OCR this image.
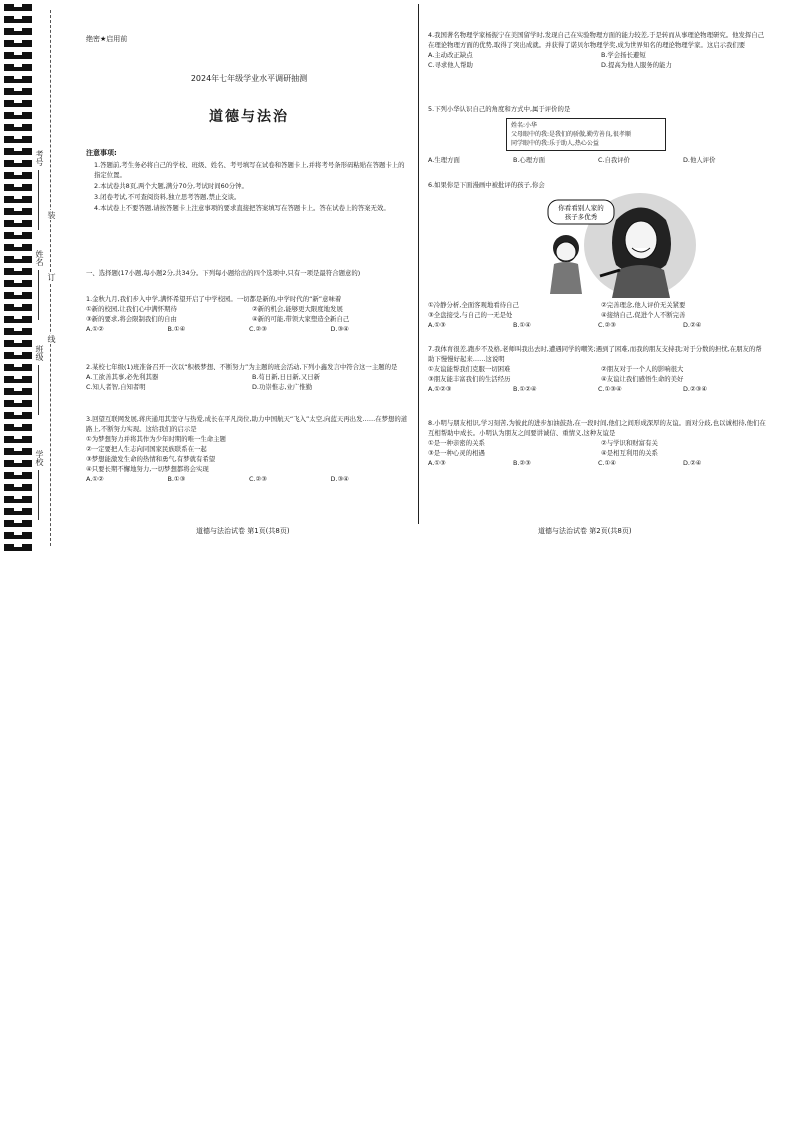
考号
姓名
班级
学校
装
订
线
绝密★启用前
2024年七年级学业水平调研抽测
道德与法治
注意事项:
1.答题前,考生务必将自己的学校、班级、姓名、考号填写在试卷和答题卡上,并将考号条形码粘贴在答题卡上的指定位置。
2.本试卷共8页,两个大题,满分70分,考试时间60分钟。
3.闭卷考试,不可查阅资料,独立思考答题,禁止交谈。
4.本试卷上不要答题,请按答题卡上注意事项的要求直接把答案填写在答题卡上。答在试卷上的答案无效。
一、选择题(17小题,每小题2分,共34分。下列每小题给出的四个选项中,只有一项是最符合题意的)

1.金秋九月,我们步入中学,满怀希望开启了中学校园。一切都是新的,中学时代的“新”意味着

①新的校园,让我们心中满怀期待	②新的机会,能够更大限度地发展
③新的要求,将会限制我们的自由	④新的可能,带领大家塑造全新自己
A.①②	B.①④	C.②③	D.③④

2.某校七年级(1)班准备召开一次以“积极梦想、不断努力”为主题的班会活动,下列小鑫发言中符合这一主题的是

A.工欲善其事,必先利其器	B.苟日新,日日新,又日新
C.知人者智,自知者明	D.功崇惟志,业广惟勤

3.回望互联网发展,蒋庆通用其坚守与热爱,成长在平凡岗位,助力中国航天“飞入”太空,向蓝天再出发……在梦想的道路上,不断努力实现。这给我们的启示是

①为梦想努力并将其作为少年时期的唯一生命主题
②一定要把人生志向同国家民族联系在一起
③梦想能激发生命的热情和勇气,有梦就有希望
④只要长期不懈地努力,一切梦想都将会实现
A.①②	B.①③	C.②③	D.③④
道德与法治试卷 第1页(共8页)

4.我国著名物理学家杨振宁在美国留学时,发现自己在实验物理方面的能力较差,于是转而从事理论物理研究。他发挥自己在理论物理方面的优势,取得了突出成就。并获得了诺贝尔物理学奖,成为世界知名的理论物理学家。这启示我们要

A.主动改正缺点	B.学会扬长避短
C.寻求他人帮助	D.提高为他人服务的能力

5.下列小华认识自己的角度和方式中,属于评价的是

姓名:小华
父母眼中的我:是我们的骄傲,勤劳善良,很孝顺
同学眼中的我:乐于助人,热心公益
A.生理方面	B.心理方面	C.自我评价	D.他人评价

6.如果你是下面漫画中被批评的孩子,你会

你看看别人家的
孩子多优秀
①冷静分析,全面客观地看待自己	②完善理念,他人评价无关紧要
③全盘接受,与自己的一无是处	④接纳自己,促进个人不断完善
A.①③	B.①④	C.②③	D.②④

7.我体育很差,跑步不及格,老师叫我出去时,遭遇同学的嘲笑;遇到了困难,而我的朋友支持我;对于分数的担忧,在朋友的帮助下慢慢好起来……这说明

①友谊能帮我们克服一切困难	②朋友对于一个人的影响很大
③朋友能丰富我们的生活经历	④友谊让我们感悟生命的美好
A.①②③	B.①②④	C.①③④	D.②③④

8.小明与朋友相识,学习刻苦,为彼此的进步加油鼓劲,在一段时间,他们之间形成深厚的友谊。面对分歧,也以诚相待,他们在互相帮助中成长。小明认为朋友之间要讲诚信、重情义,这种友谊是

①是一种亲密的关系	②与学识和财富有关
③是一种心灵的相遇	④是相互利用的关系
A.①③	B.②③	C.①④	D.②④
道德与法治试卷 第2页(共8页)
